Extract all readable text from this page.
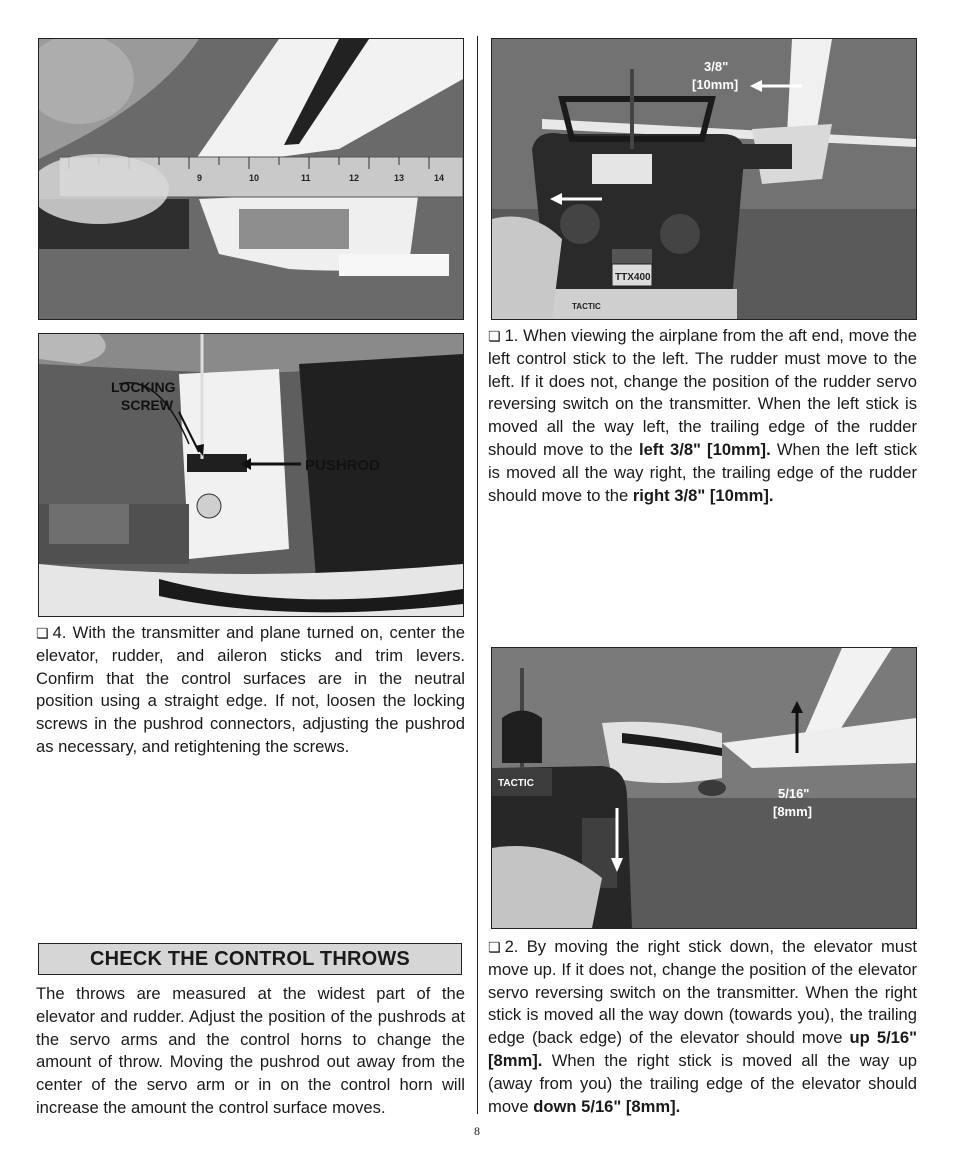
9	10	11	12	13	14
LOCKING
SCREW
PUSHROD
3/8"
[10mm]
TTX400
TACTIC
5/16"
[8mm]
TACTIC

❏ 1. When viewing the airplane from the aft end, move the left control stick to the left. The rudder must move to the left. If it does not, change the position of the rudder servo reversing switch on the transmitter. When the left stick is moved all the way left, the trailing edge of the rudder should move to the left 3/8" [10mm]. When the left stick is moved all the way right, the trailing edge of the rudder should move to the right 3/8" [10mm].

❏ 4. With the transmitter and plane turned on, center the elevator, rudder, and aileron sticks and trim levers. Confirm that the control surfaces are in the neutral position using a straight edge. If not, loosen the locking screws in the pushrod connectors, adjusting the pushrod as necessary, and retightening the screws.

CHECK THE CONTROL THROWS

The throws are measured at the widest part of the elevator and rudder. Adjust the position of the pushrods at the servo arms and the control horns to change the amount of throw. Moving the pushrod out away from the center of the servo arm or in on the control horn will increase the amount the control surface moves.

❏ 2. By moving the right stick down, the elevator must move up. If it does not, change the position of the elevator servo reversing switch on the transmitter. When the right stick is moved all the way down (towards you), the trailing edge (back edge) of the elevator should move up 5/16" [8mm]. When the right stick is moved all the way up (away from you) the trailing edge of the elevator should move down 5/16" [8mm].

8
